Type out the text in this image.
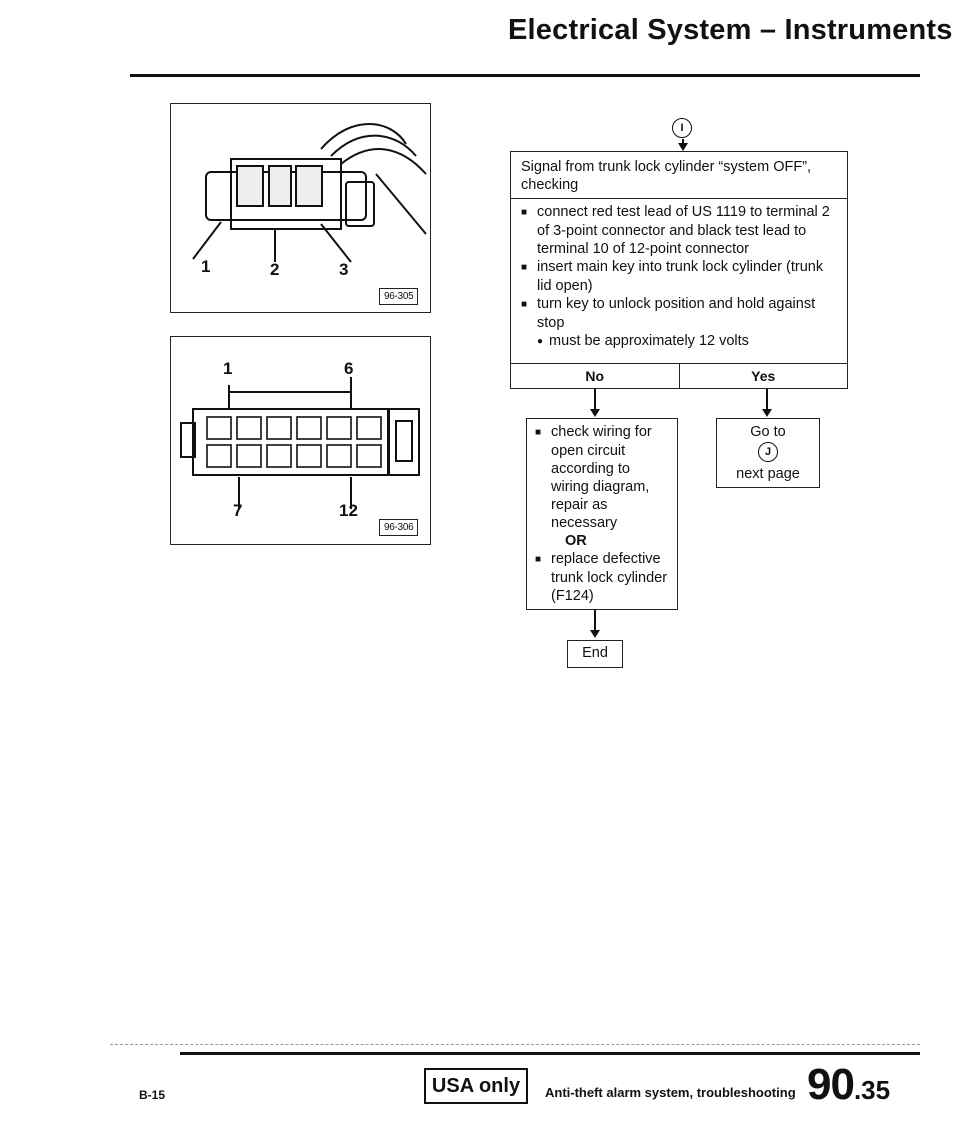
Electrical System – Instruments
1	2	3
96-305
1	6
7	12
96-306
I
Signal from trunk lock cylinder “system OFF”, checking
■ connect red test lead of US 1119 to terminal 2 of 3-point connector and black test lead to terminal 10 of 12-point connector
■ insert main key into trunk lock cylinder (trunk lid open)
■ turn key to unlock position and hold against stop
● must be approximately 12 volts
No	Yes
■ check wiring for open circuit according to wiring diagram, repair as necessary
OR
■ replace defective trunk lock cylinder (F124)
End
Go to
J
next page
B-15	USA only	Anti-theft alarm system, troubleshooting 90.35
